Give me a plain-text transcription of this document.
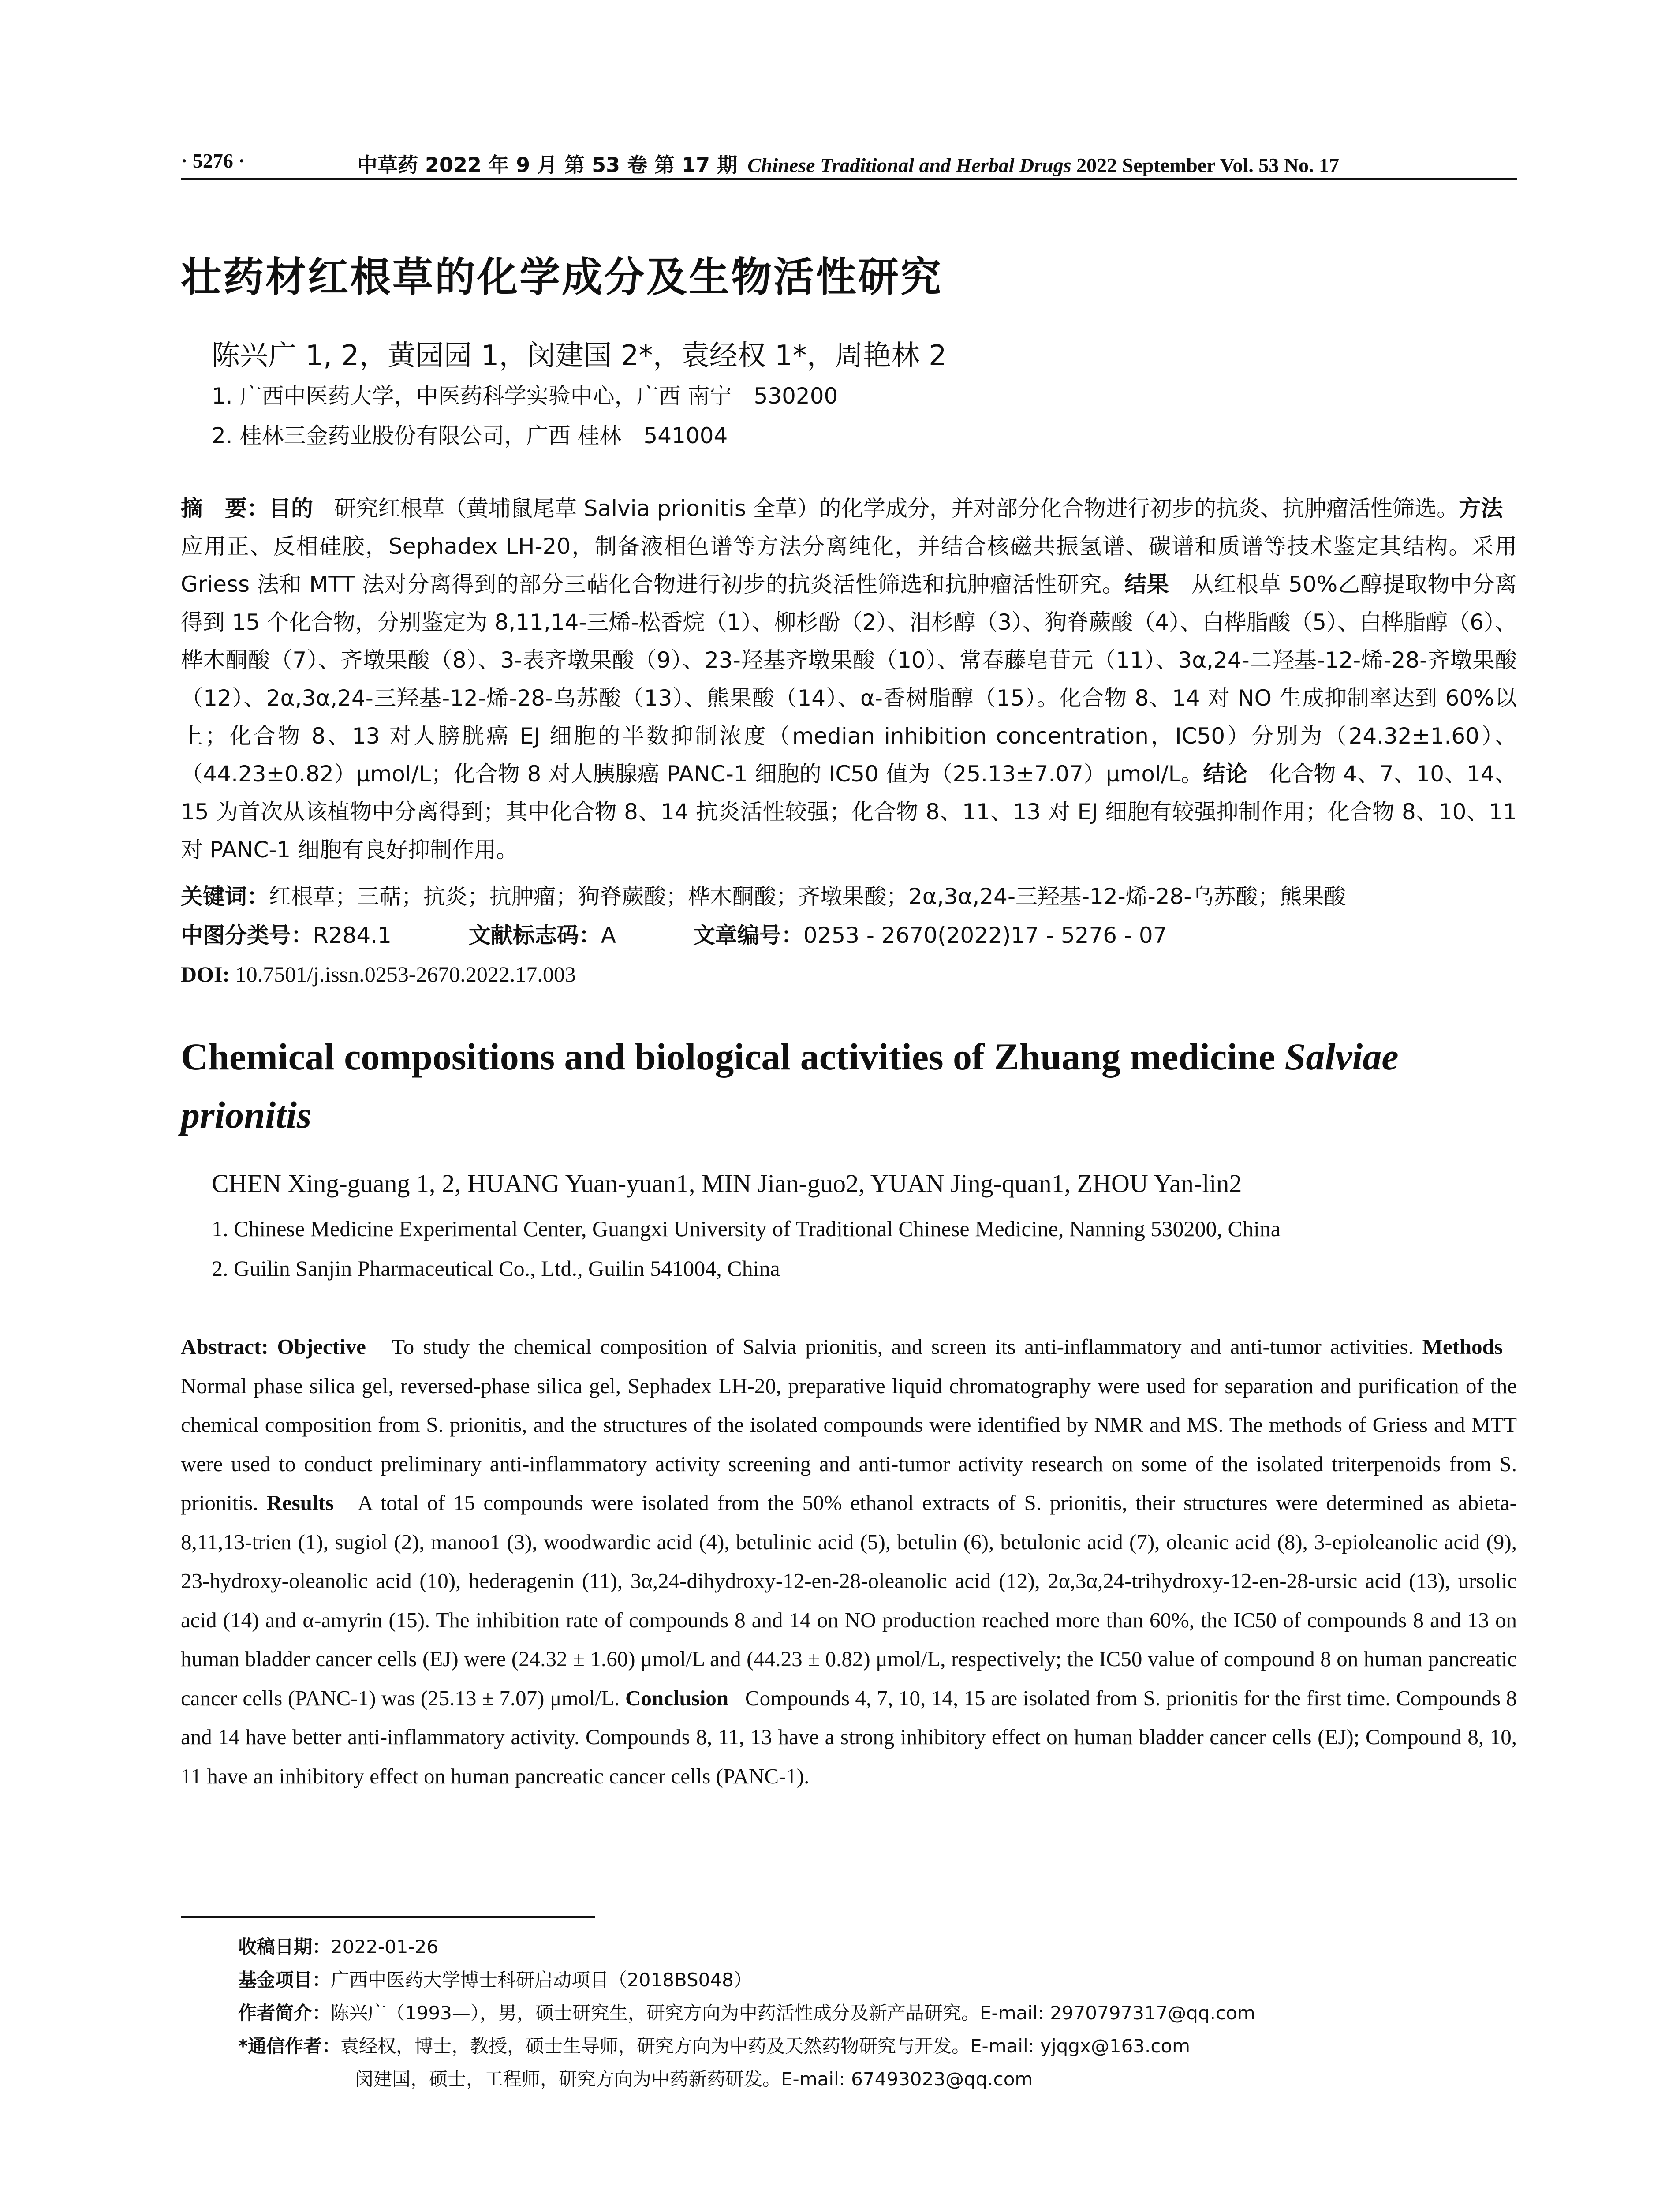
· 5276 ·	中草药 2022 年 9 月 第 53 卷 第 17 期 Chinese Traditional and Herbal Drugs 2022 September Vol. 53 No. 17
壮药材红根草的化学成分及生物活性研究
陈兴广 1, 2，黄园园 1，闵建国 2*，袁经权 1*，周艳林 2
1. 广西中医药大学，中医药科学实验中心，广西 南宁　530200
2. 桂林三金药业股份有限公司，广西 桂林　541004
摘　要：目的 研究红根草（黄埔鼠尾草 Salvia prionitis 全草）的化学成分，并对部分化合物进行初步的抗炎、抗肿瘤活性筛选。方法   应用正、反相硅胶，Sephadex LH-20，制备液相色谱等方法分离纯化，并结合核磁共振氢谱、碳谱和质谱等技术鉴定其结构。采用 Griess 法和 MTT 法对分离得到的部分三萜化合物进行初步的抗炎活性筛选和抗肿瘤活性研究。结果 从红根草 50%乙醇提取物中分离得到 15 个化合物，分别鉴定为 8,11,14-三烯-松香烷（1）、柳杉酚（2）、泪杉醇（3）、狗脊蕨酸（4）、白桦脂酸（5）、白桦脂醇（6）、桦木酮酸（7）、齐墩果酸（8）、3-表齐墩果酸（9）、23-羟基齐墩果酸（10）、常春藤皂苷元（11）、3α,24-二羟基-12-烯-28-齐墩果酸（12）、2α,3α,24-三羟基-12-烯-28-乌苏酸（13）、熊果酸（14）、α-香树脂醇（15）。化合物 8、14 对 NO 生成抑制率达到 60%以上；化合物 8、13 对人膀胱癌 EJ 细胞的半数抑制浓度（median inhibition concentration，IC50）分别为（24.32±1.60）、（44.23±0.82）μmol/L；化合物 8 对人胰腺癌 PANC-1 细胞的 IC50 值为（25.13±7.07）μmol/L。结论 化合物 4、7、10、14、15 为首次从该植物中分离得到；其中化合物 8、14 抗炎活性较强；化合物 8、11、13 对 EJ 细胞有较强抑制作用；化合物 8、10、11 对 PANC-1 细胞有良好抑制作用。
关键词：红根草；三萜；抗炎；抗肿瘤；狗脊蕨酸；桦木酮酸；齐墩果酸；2α,3α,24-三羟基-12-烯-28-乌苏酸；熊果酸
中图分类号：R284.1	文献标志码：A	文章编号：0253 - 2670(2022)17 - 5276 - 07
DOI: 10.7501/j.issn.0253-2670.2022.17.003
Chemical compositions and biological activities of Zhuang medicine Salviae prionitis
CHEN Xing-guang 1, 2, HUANG Yuan-yuan1, MIN Jian-guo2, YUAN Jing-quan1, ZHOU Yan-lin2
1. Chinese Medicine Experimental Center, Guangxi University of Traditional Chinese Medicine, Nanning 530200, China
2. Guilin Sanjin Pharmaceutical Co., Ltd., Guilin 541004, China
Abstract: Objective To study the chemical composition of Salvia prionitis, and screen its anti-inflammatory and anti-tumor activities. Methods   Normal phase silica gel, reversed-phase silica gel, Sephadex LH-20, preparative liquid chromatography were used for separation and purification of the chemical composition from S. prionitis, and the structures of the isolated compounds were identified by NMR and MS. The methods of Griess and MTT were used to conduct preliminary anti-inflammatory activity screening and anti-tumor activity research on some of the isolated triterpenoids from S. prionitis. Results A total of 15 compounds were isolated from the 50% ethanol extracts of S. prionitis, their structures were determined as abieta-8,11,13-trien (1), sugiol (2), manoo1 (3), woodwardic acid (4), betulinic acid (5), betulin (6), betulonic acid (7), oleanic acid (8), 3-epioleanolic acid (9), 23-hydroxy-oleanolic acid (10), hederagenin (11), 3α,24-dihydroxy-12-en-28-oleanolic acid (12), 2α,3α,24-trihydroxy-12-en-28-ursic acid (13), ursolic acid (14) and α-amyrin (15). The inhibition rate of compounds 8 and 14 on NO production reached more than 60%, the IC50 of compounds 8 and 13 on human bladder cancer cells (EJ) were (24.32 ± 1.60) μmol/L and (44.23 ± 0.82) μmol/L, respectively; the IC50 value of compound 8 on human pancreatic cancer cells (PANC-1) was (25.13 ± 7.07) μmol/L. Conclusion Compounds 4, 7, 10, 14, 15 are isolated from S. prionitis for the first time. Compounds 8 and 14 have better anti-inflammatory activity. Compounds 8, 11, 13 have a strong inhibitory effect on human bladder cancer cells (EJ); Compound 8, 10, 11 have an inhibitory effect on human pancreatic cancer cells (PANC-1).
收稿日期：2022-01-26
基金项目：广西中医药大学博士科研启动项目（2018BS048）
作者简介：陈兴广（1993—），男，硕士研究生，研究方向为中药活性成分及新产品研究。E-mail: 2970797317@qq.com
*通信作者：袁经权，博士，教授，硕士生导师，研究方向为中药及天然药物研究与开发。E-mail: yjqgx@163.com
闵建国，硕士，工程师，研究方向为中药新药研发。E-mail: 67493023@qq.com
